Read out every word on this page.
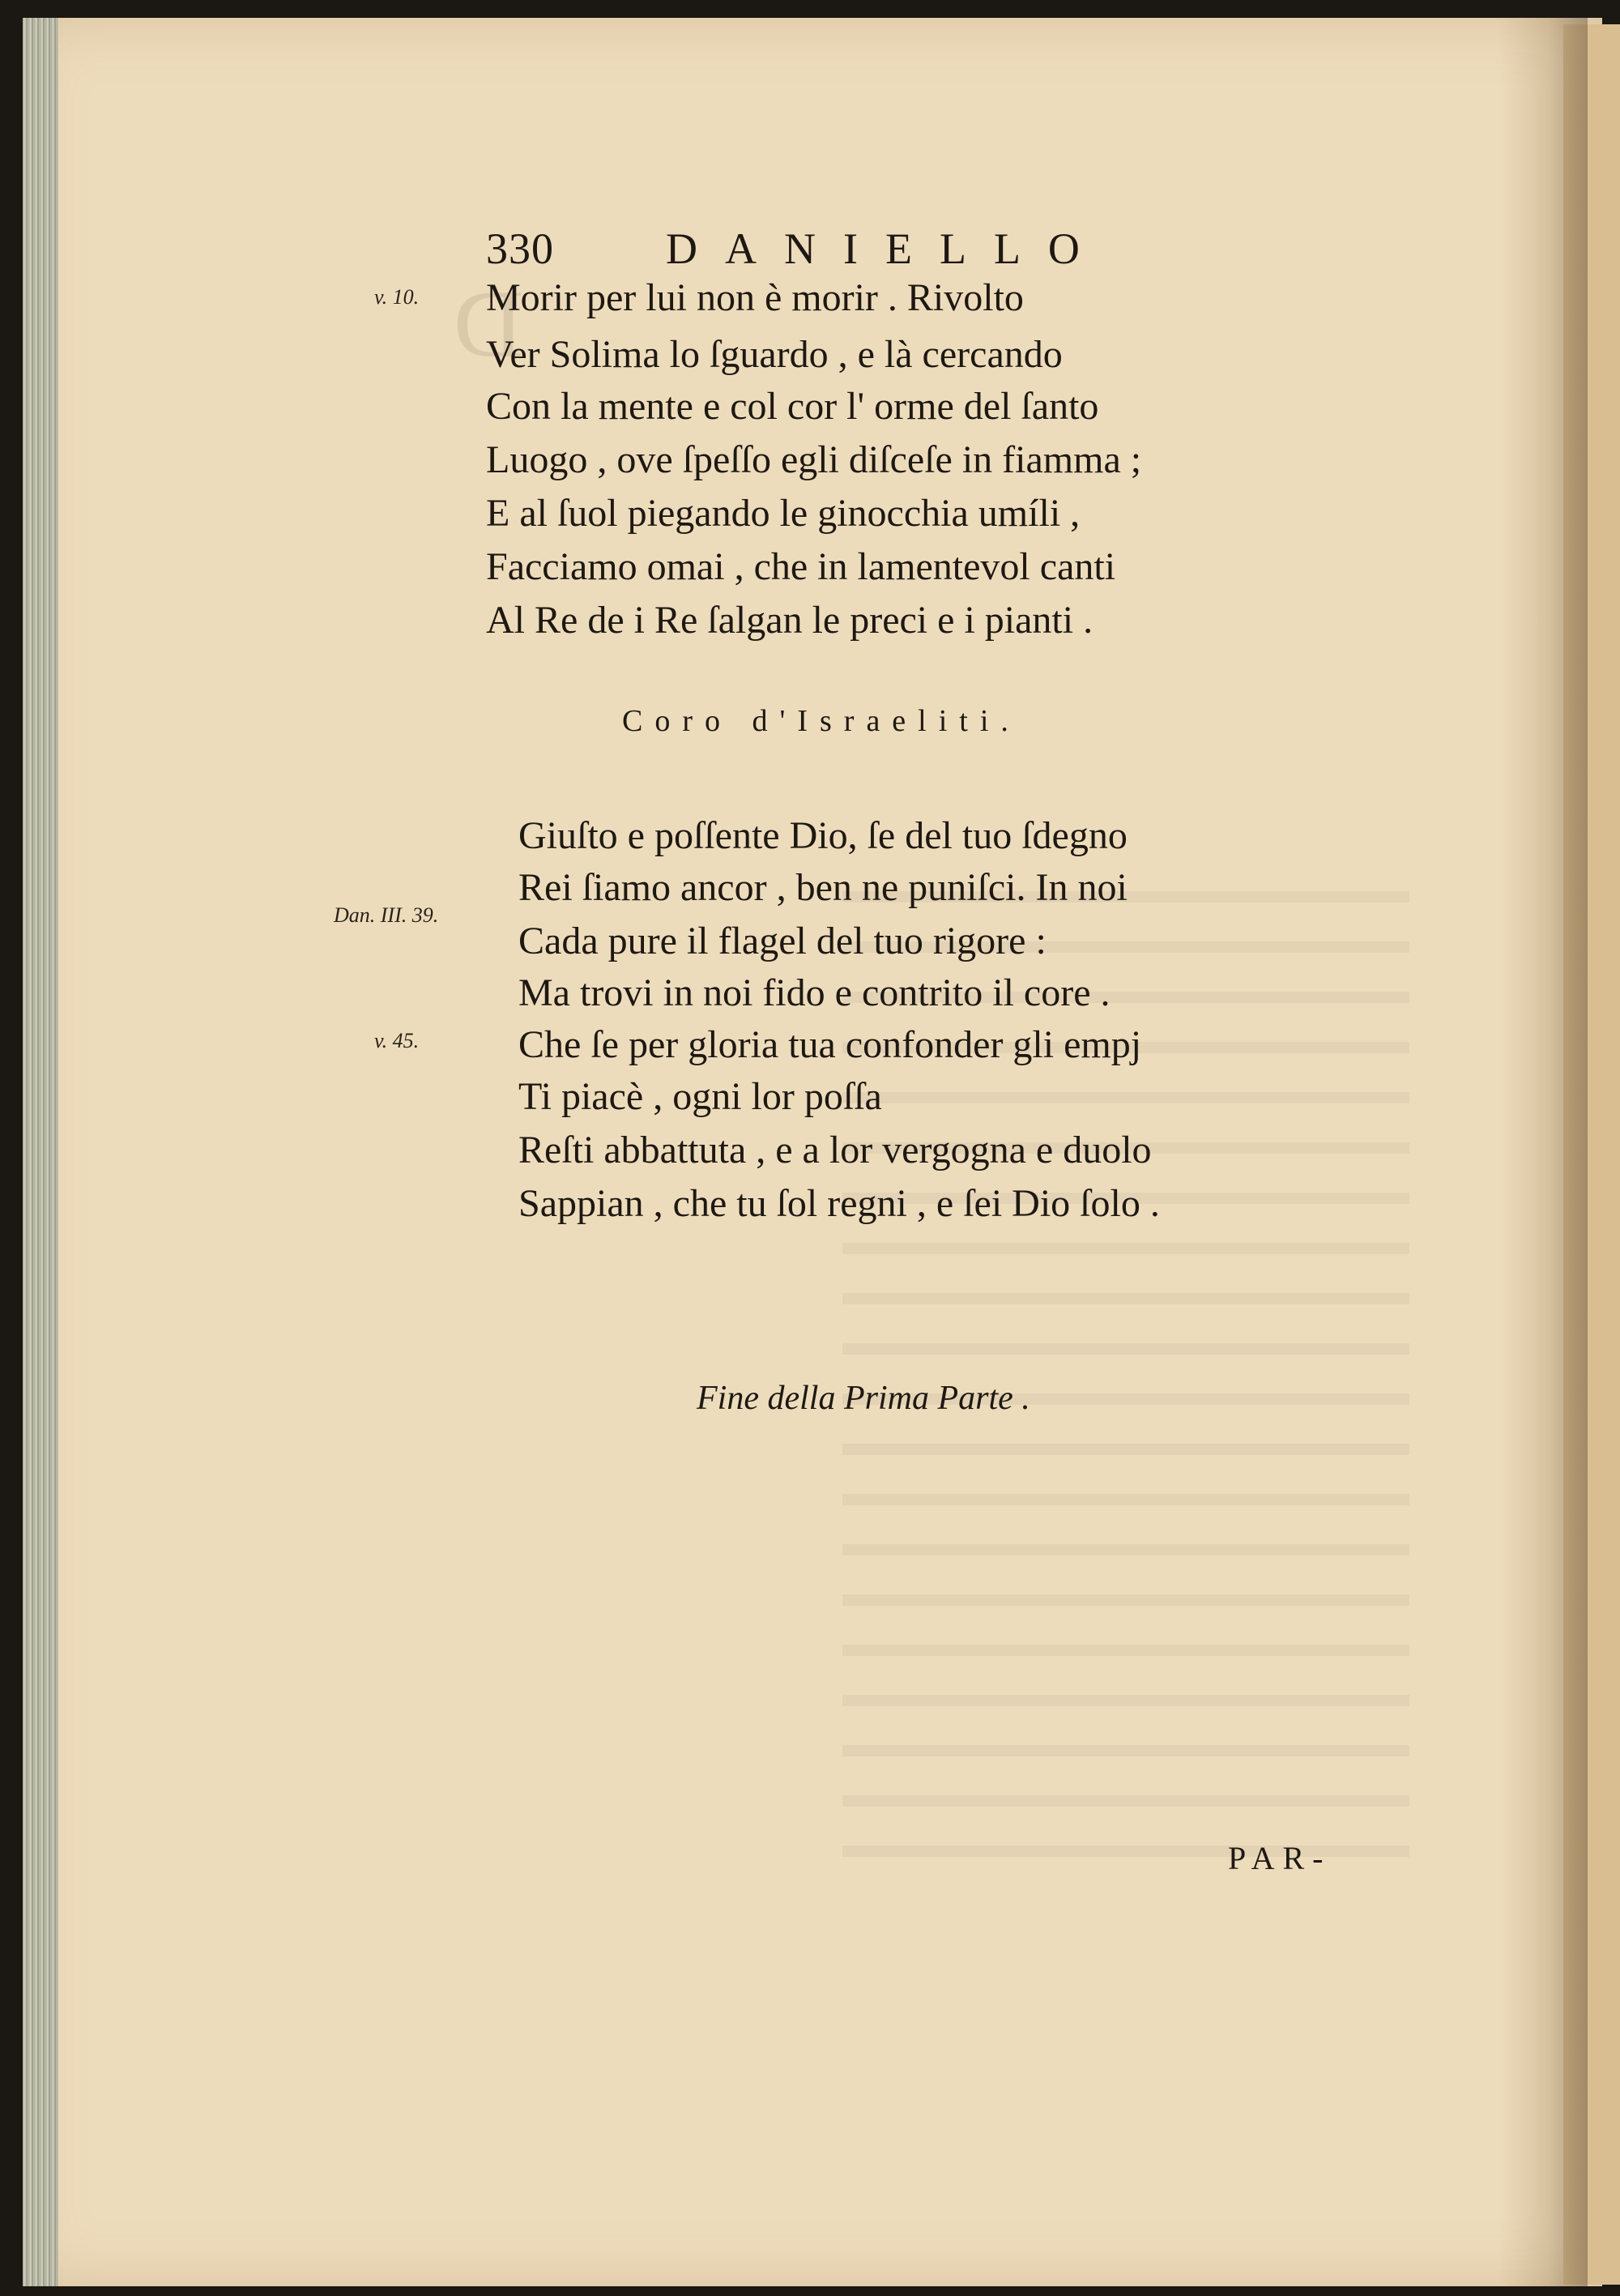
D
330	DANIELLO
v. 10. Morir per lui non è morir . Rivolto
Ver Solima lo ſguardo , e là cercando
Con la mente e col cor l' orme del ſanto
Luogo , ove ſpeſſo egli diſceſe in fiamma ;
E al ſuol piegando le ginocchia umíli ,
Facciamo omai , che in lamentevol canti
Al Re de i Re ſalgan le preci e i pianti .
Coro d'Israeliti.
Dan. III. 39.
v. 45.
Giuſto e poſſente Dio, ſe del tuo ſdegno
Rei ſiamo ancor , ben ne puniſci. In noi
Cada pure il flagel del tuo rigore :
Ma trovi in noi fido e contrito il core .
Che ſe per gloria tua confonder gli empj
Ti piacè , ogni lor poſſa
Reſti abbattuta , e a lor vergogna e duolo
Sappian , che tu ſol regni , e ſei Dio ſolo .
Fine della Prima Parte .
PAR-
